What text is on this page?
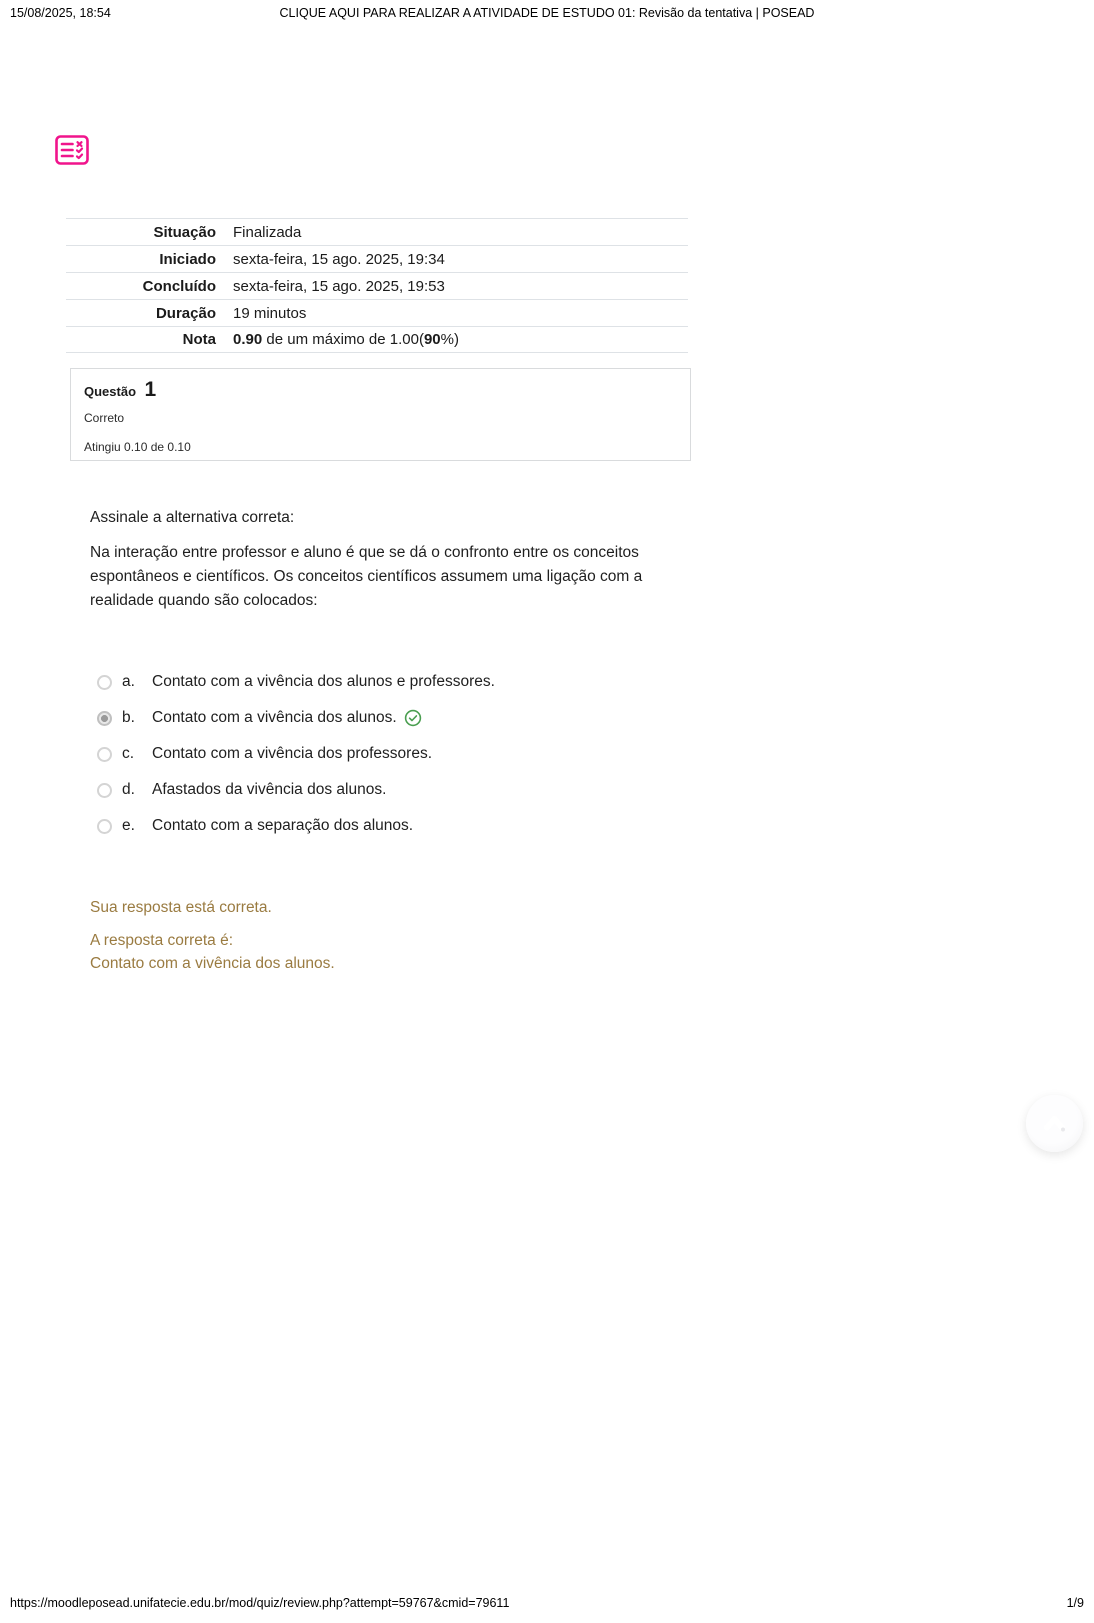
15/08/2025, 18:54	CLIQUE AQUI PARA REALIZAR A ATIVIDADE DE ESTUDO 01: Revisão da tentativa | POSEAD
Situação Finalizada
Iniciado sexta-feira, 15 ago. 2025, 19:34
Concluído sexta-feira, 15 ago. 2025, 19:53
Duração 19 minutos
Nota 0.90 de um máximo de 1.00(90%)
Questão 1
Correto
Atingiu 0.10 de 0.10
Assinale a alternativa correta:
Na interação entre professor e aluno é que se dá o confronto entre os conceitos espontâneos e científicos. Os conceitos científicos assumem uma ligação com a realidade quando são colocados:
a.	Contato com a vivência dos alunos e professores.
b.	Contato com a vivência dos alunos.
c.	Contato com a vivência dos professores.
d.	Afastados da vivência dos alunos.
e.	Contato com a separação dos alunos.
Sua resposta está correta.
A resposta correta é:
Contato com a vivência dos alunos.
https://moodleposead.unifatecie.edu.br/mod/quiz/review.php?attempt=59767&cmid=79611	1/9
